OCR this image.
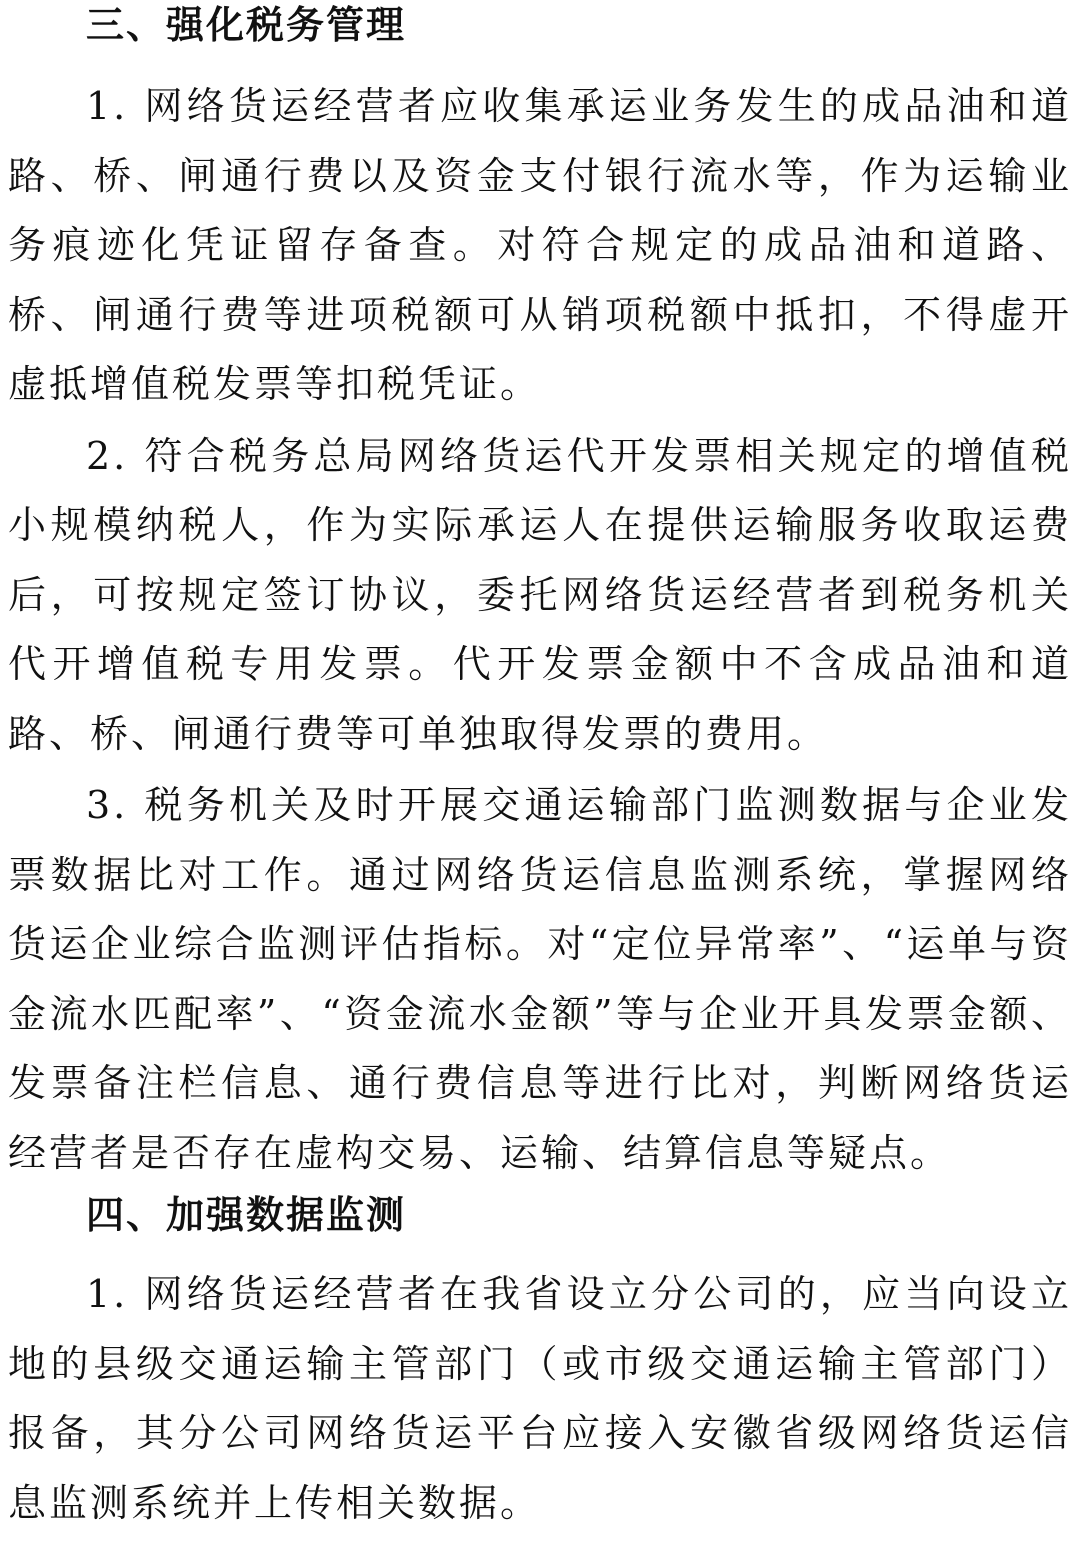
三、强化税务管理

1. 网络货运经营者应收集承运业务发生的成品油和道路、桥、闸通行费以及资金支付银行流水等，作为运输业务痕迹化凭证留存备查。对符合规定的成品油和道路、桥、闸通行费等进项税额可从销项税额中抵扣，不得虚开虚抵增值税发票等扣税凭证。

2. 符合税务总局网络货运代开发票相关规定的增值税小规模纳税人，作为实际承运人在提供运输服务收取运费后，可按规定签订协议，委托网络货运经营者到税务机关代开增值税专用发票。代开发票金额中不含成品油和道路、桥、闸通行费等可单独取得发票的费用。

3. 税务机关及时开展交通运输部门监测数据与企业发票数据比对工作。通过网络货运信息监测系统，掌握网络货运企业综合监测评估指标。对“定位异常率”、“运单与资金流水匹配率”、“资金流水金额”等与企业开具发票金额、发票备注栏信息、通行费信息等进行比对，判断网络货运经营者是否存在虚构交易、运输、结算信息等疑点。

四、加强数据监测

1. 网络货运经营者在我省设立分公司的，应当向设立地的县级交通运输主管部门（或市级交通运输主管部门）报备，其分公司网络货运平台应接入安徽省级网络货运信息监测系统并上传相关数据。
